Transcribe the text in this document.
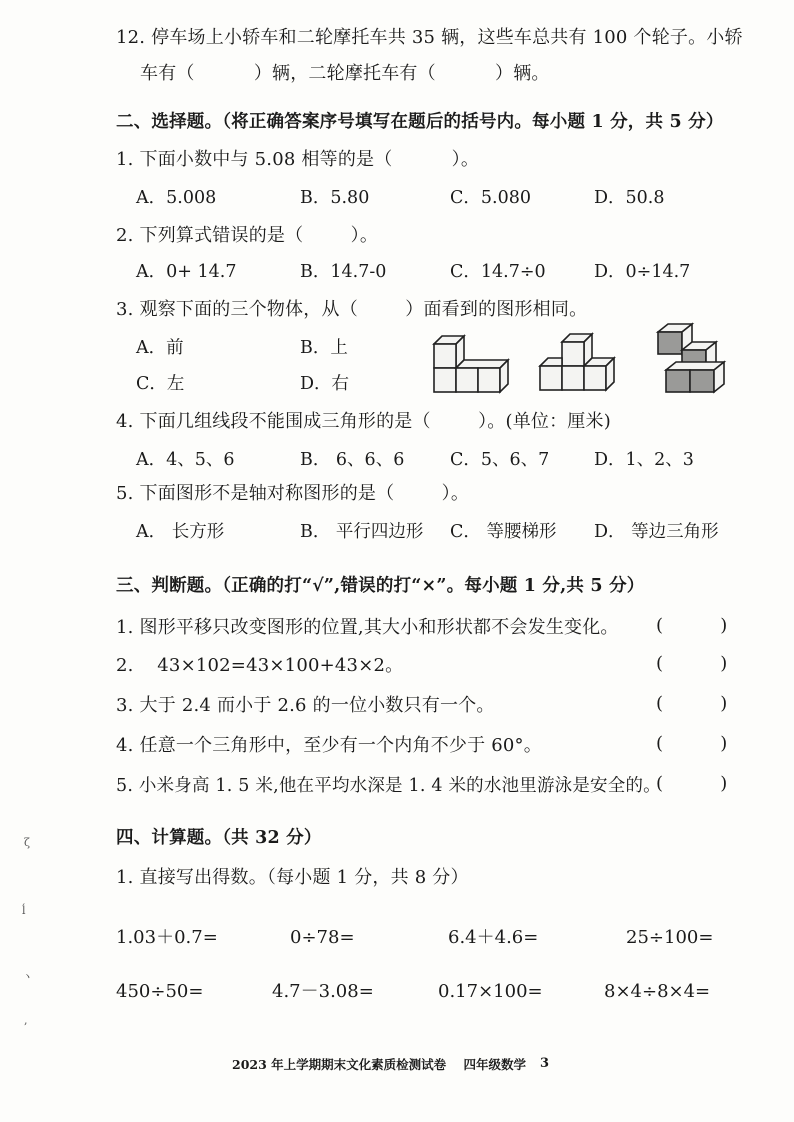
12. 停车场上小轿车和二轮摩托车共 35 辆，这些车总共有 100 个轮子。小轿
车有（          ）辆，二轮摩托车有（          ）辆。
二、选择题。（将正确答案序号填写在题后的括号内。每小题 1 分，共 5 分）
1. 下面小数中与 5.08 相等的是（          ）。
A．5.008	B．5.80	C．5.080	D．50.8
2. 下列算式错误的是（        ）。
A．0+ 14.7	B．14.7-0	C．14.7÷0	D．0÷14.7
3. 观察下面的三个物体，从（        ）面看到的图形相同。
A．前	B．上
C．左	D．右
4. 下面几组线段不能围成三角形的是（        ）。(单位：厘米)
A．4、5、6	B． 6、6、6	C．5、6、7	D．1、2、3
5. 下面图形不是轴对称图形的是（        ）。
A． 长方形	B． 平行四边形 C． 等腰梯形 D． 等边三角形
三、判断题。（正确的打“√”,错误的打“×”。每小题 1 分,共 5 分）
1. 图形平移只改变图形的位置,其大小和形状都不会发生变化。 (          )
2.    43×102=43×100+43×2。	(          )
3. 大于 2.4 而小于 2.6 的一位小数只有一个。	(          )
4. 任意一个三角形中，至少有一个内角不少于 60°。	(          )
5. 小米身高 1. 5 米,他在平均水深是 1. 4 米的水池里游泳是安全的。
(          )
四、计算题。（共 32 分）
1. 直接写出得数。（每小题 1 分，共 8 分）
1.03＋0.7=	0÷78=	6.4＋4.6=	25÷100=
450÷50=	4.7－3.08=	0.17×100=	8×4÷8×4=
ζ
ĺ
ヽ
,
2023 年上学期期末文化素质检测试卷    四年级数学 3
